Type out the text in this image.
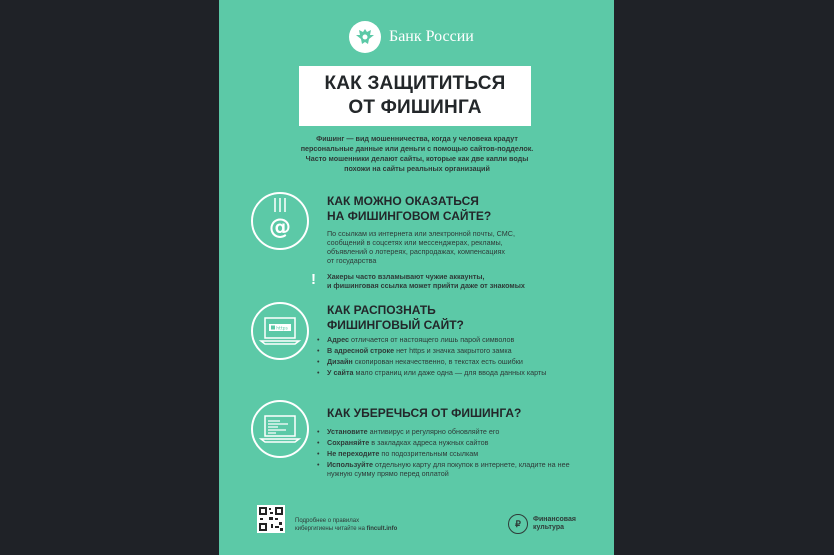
Банк России
КАК ЗАЩИТИТЬСЯ
ОТ ФИШИНГА
Фишинг — вид мошенничества, когда у человека крадут
персональные данные или деньги с помощью сайтов-подделок.
Часто мошенники делают сайты, которые как две капли воды
похожи на сайты реальных организаций
@
КАК МОЖНО ОКАЗАТЬСЯ
НА ФИШИНГОВОМ САЙТЕ?
По ссылкам из интернета или электронной почты, СМС,
сообщений в соцсетях или мессенджерах, рекламы,
объявлений о лотереях, распродажах, компенсациях
от государства
! Хакеры часто взламывают чужие аккаунты,
и фишинговая ссылка может прийти даже от знакомых
https
КАК РАСПОЗНАТЬ
ФИШИНГОВЫЙ САЙТ?
• Адрес отличается от настоящего лишь парой символов
• В адресной строке нет https и значка закрытого замка
• Дизайн скопирован некачественно, в текстах есть ошибки
• У сайта мало страниц или даже одна — для ввода данных карты
КАК УБЕРЕЧЬСЯ ОТ ФИШИНГА?
• Установите антивирус и регулярно обновляйте его
• Сохраняйте в закладках адреса нужных сайтов
• Не переходите по подозрительным ссылкам
• Используйте отдельную карту для покупок в интернете, кладите на нее нужную сумму прямо перед оплатой
Подробнее о правилах
кибергигиены читайте на fincult.info
₽	Финансовая
культура
